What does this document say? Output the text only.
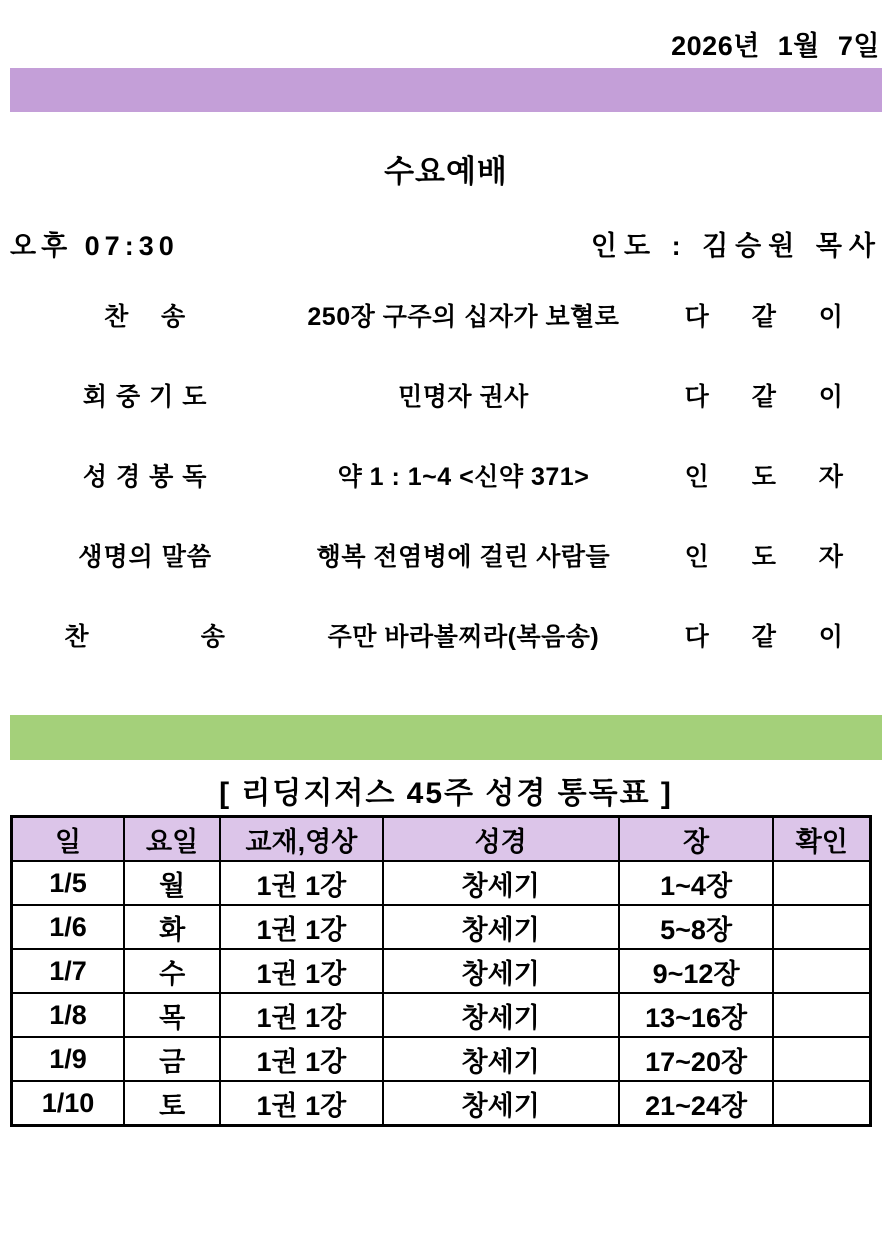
2026년 1월 7일
수요예배
오후 07:30	인도 : 김승원 목사
찬    송	250장 구주의 십자가 보혈로	다 같 이
회 중 기 도	민명자 권사	다 같 이
성 경 봉 독	약 1 : 1~4 <신약 371>	인 도 자
생명의 말씀	행복 전염병에 걸린 사람들	인 도 자
찬              송	주만 바라볼찌라(복음송)	다 같 이
[ 리딩지저스 45주 성경 통독표 ]
일	요일	교재,영상	성경	장	확인
1/5	월	1권 1강	창세기	1~4장	
1/6	화	1권 1강	창세기	5~8장	
1/7	수	1권 1강	창세기	9~12장	
1/8	목	1권 1강	창세기	13~16장	
1/9	금	1권 1강	창세기	17~20장	
1/10	토	1권 1강	창세기	21~24장	
